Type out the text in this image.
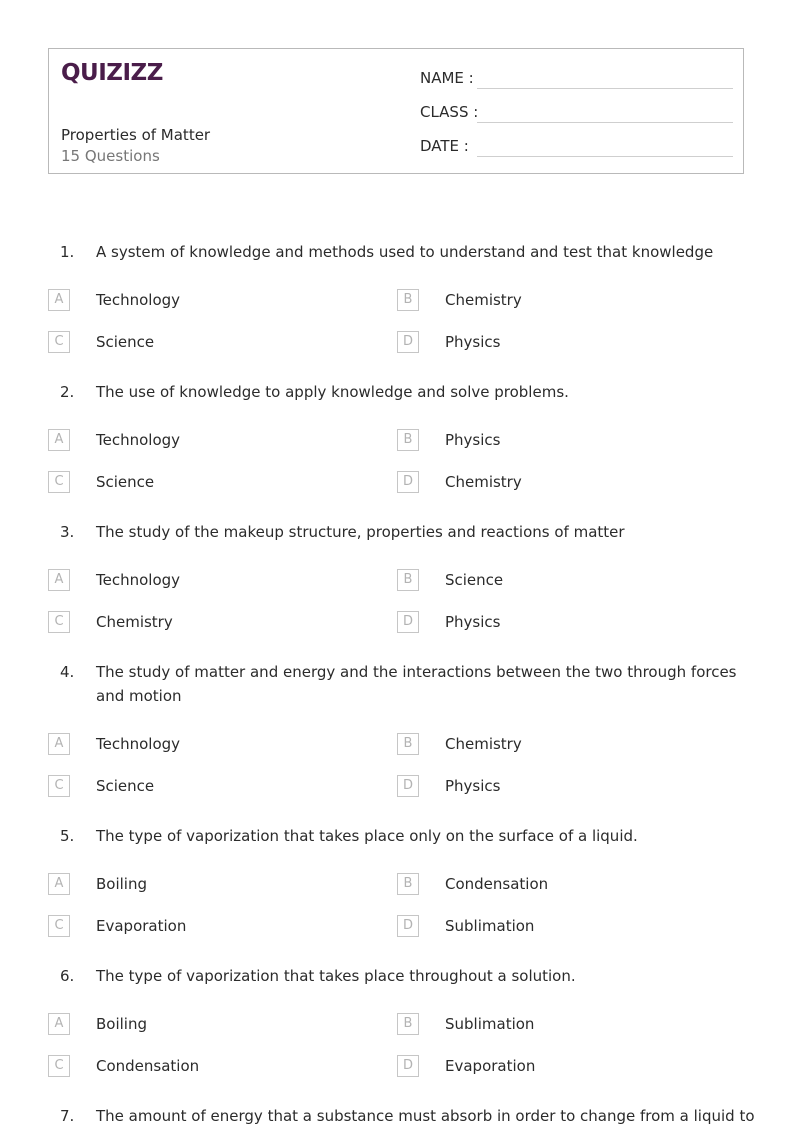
QUIZIZZ
Properties of Matter
15 Questions
NAME :
CLASS :
DATE :
1. A system of knowledge and methods used to understand and test that knowledge
A	Technology	B	Chemistry
C	Science	D	Physics
2. The use of knowledge to apply knowledge and solve problems.
A	Technology	B	Physics
C	Science	D	Chemistry
3. The study of the makeup structure, properties and reactions of matter
A	Technology	B	Science
C	Chemistry	D	Physics
4. The study of matter and energy and the interactions between the two through forces and motion
A	Technology	B	Chemistry
C	Science	D	Physics
5. The type of vaporization that takes place only on the surface of a liquid.
A	Boiling	B	Condensation
C	Evaporation	D	Sublimation
6. The type of vaporization that takes place throughout a solution.
A	Boiling	B	Sublimation
C	Condensation	D	Evaporation
7. The amount of energy that a substance must absorb in order to change from a liquid to
